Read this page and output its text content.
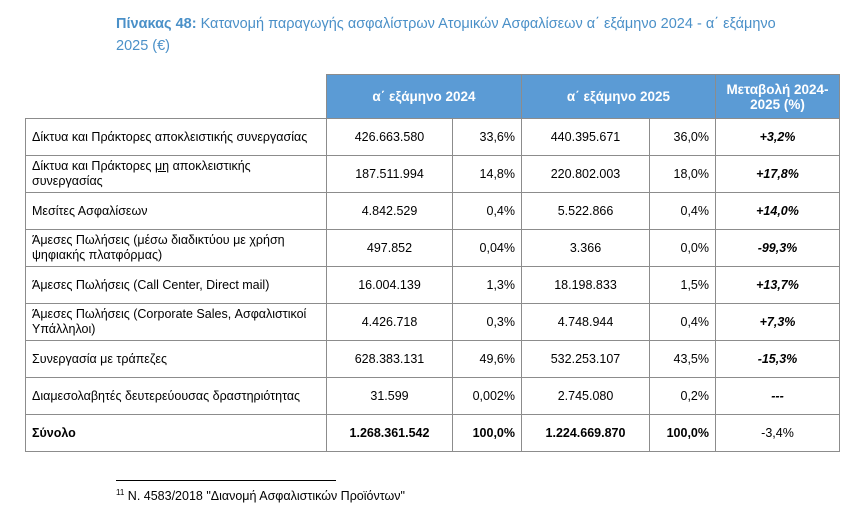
Πίνακας 48: Κατανομή παραγωγής ασφαλίστρων Ατομικών Ασφαλίσεων α΄ εξάμηνο 2024 - α΄ εξάμηνο 2025 (€)
	α΄ εξάμηνο 2024		α΄ εξάμηνο 2025		Μεταβολή 2024-2025 (%)
Δίκτυα και Πράκτορες αποκλειστικής συνεργασίας	426.663.580	33,6%	440.395.671	36,0%	+3,2%
Δίκτυα και Πράκτορες μη αποκλειστικής συνεργασίας	187.511.994	14,8%	220.802.003	18,0%	+17,8%
Μεσίτες Ασφαλίσεων	4.842.529	0,4%	5.522.866	0,4%	+14,0%
Άμεσες Πωλήσεις (μέσω διαδικτύου με χρήση ψηφιακής πλατφόρμας)	497.852	0,04%	3.366	0,0%	-99,3%
Άμεσες Πωλήσεις (Call Center, Direct mail)	16.004.139	1,3%	18.198.833	1,5%	+13,7%
Άμεσες Πωλήσεις (Corporate Sales, Ασφαλιστικοί Υπάλληλοι)	4.426.718	0,3%	4.748.944	0,4%	+7,3%
Συνεργασία με τράπεζες	628.383.131	49,6%	532.253.107	43,5%	-15,3%
Διαμεσολαβητές δευτερεύουσας δραστηριότητας	31.599	0,002%	2.745.080	0,2%	---
Σύνολο	1.268.361.542	100,0%	1.224.669.870	100,0%	-3,4%
$^{11}$ Ν. 4583/2018 "Διανομή Ασφαλιστικών Προϊόντων"
